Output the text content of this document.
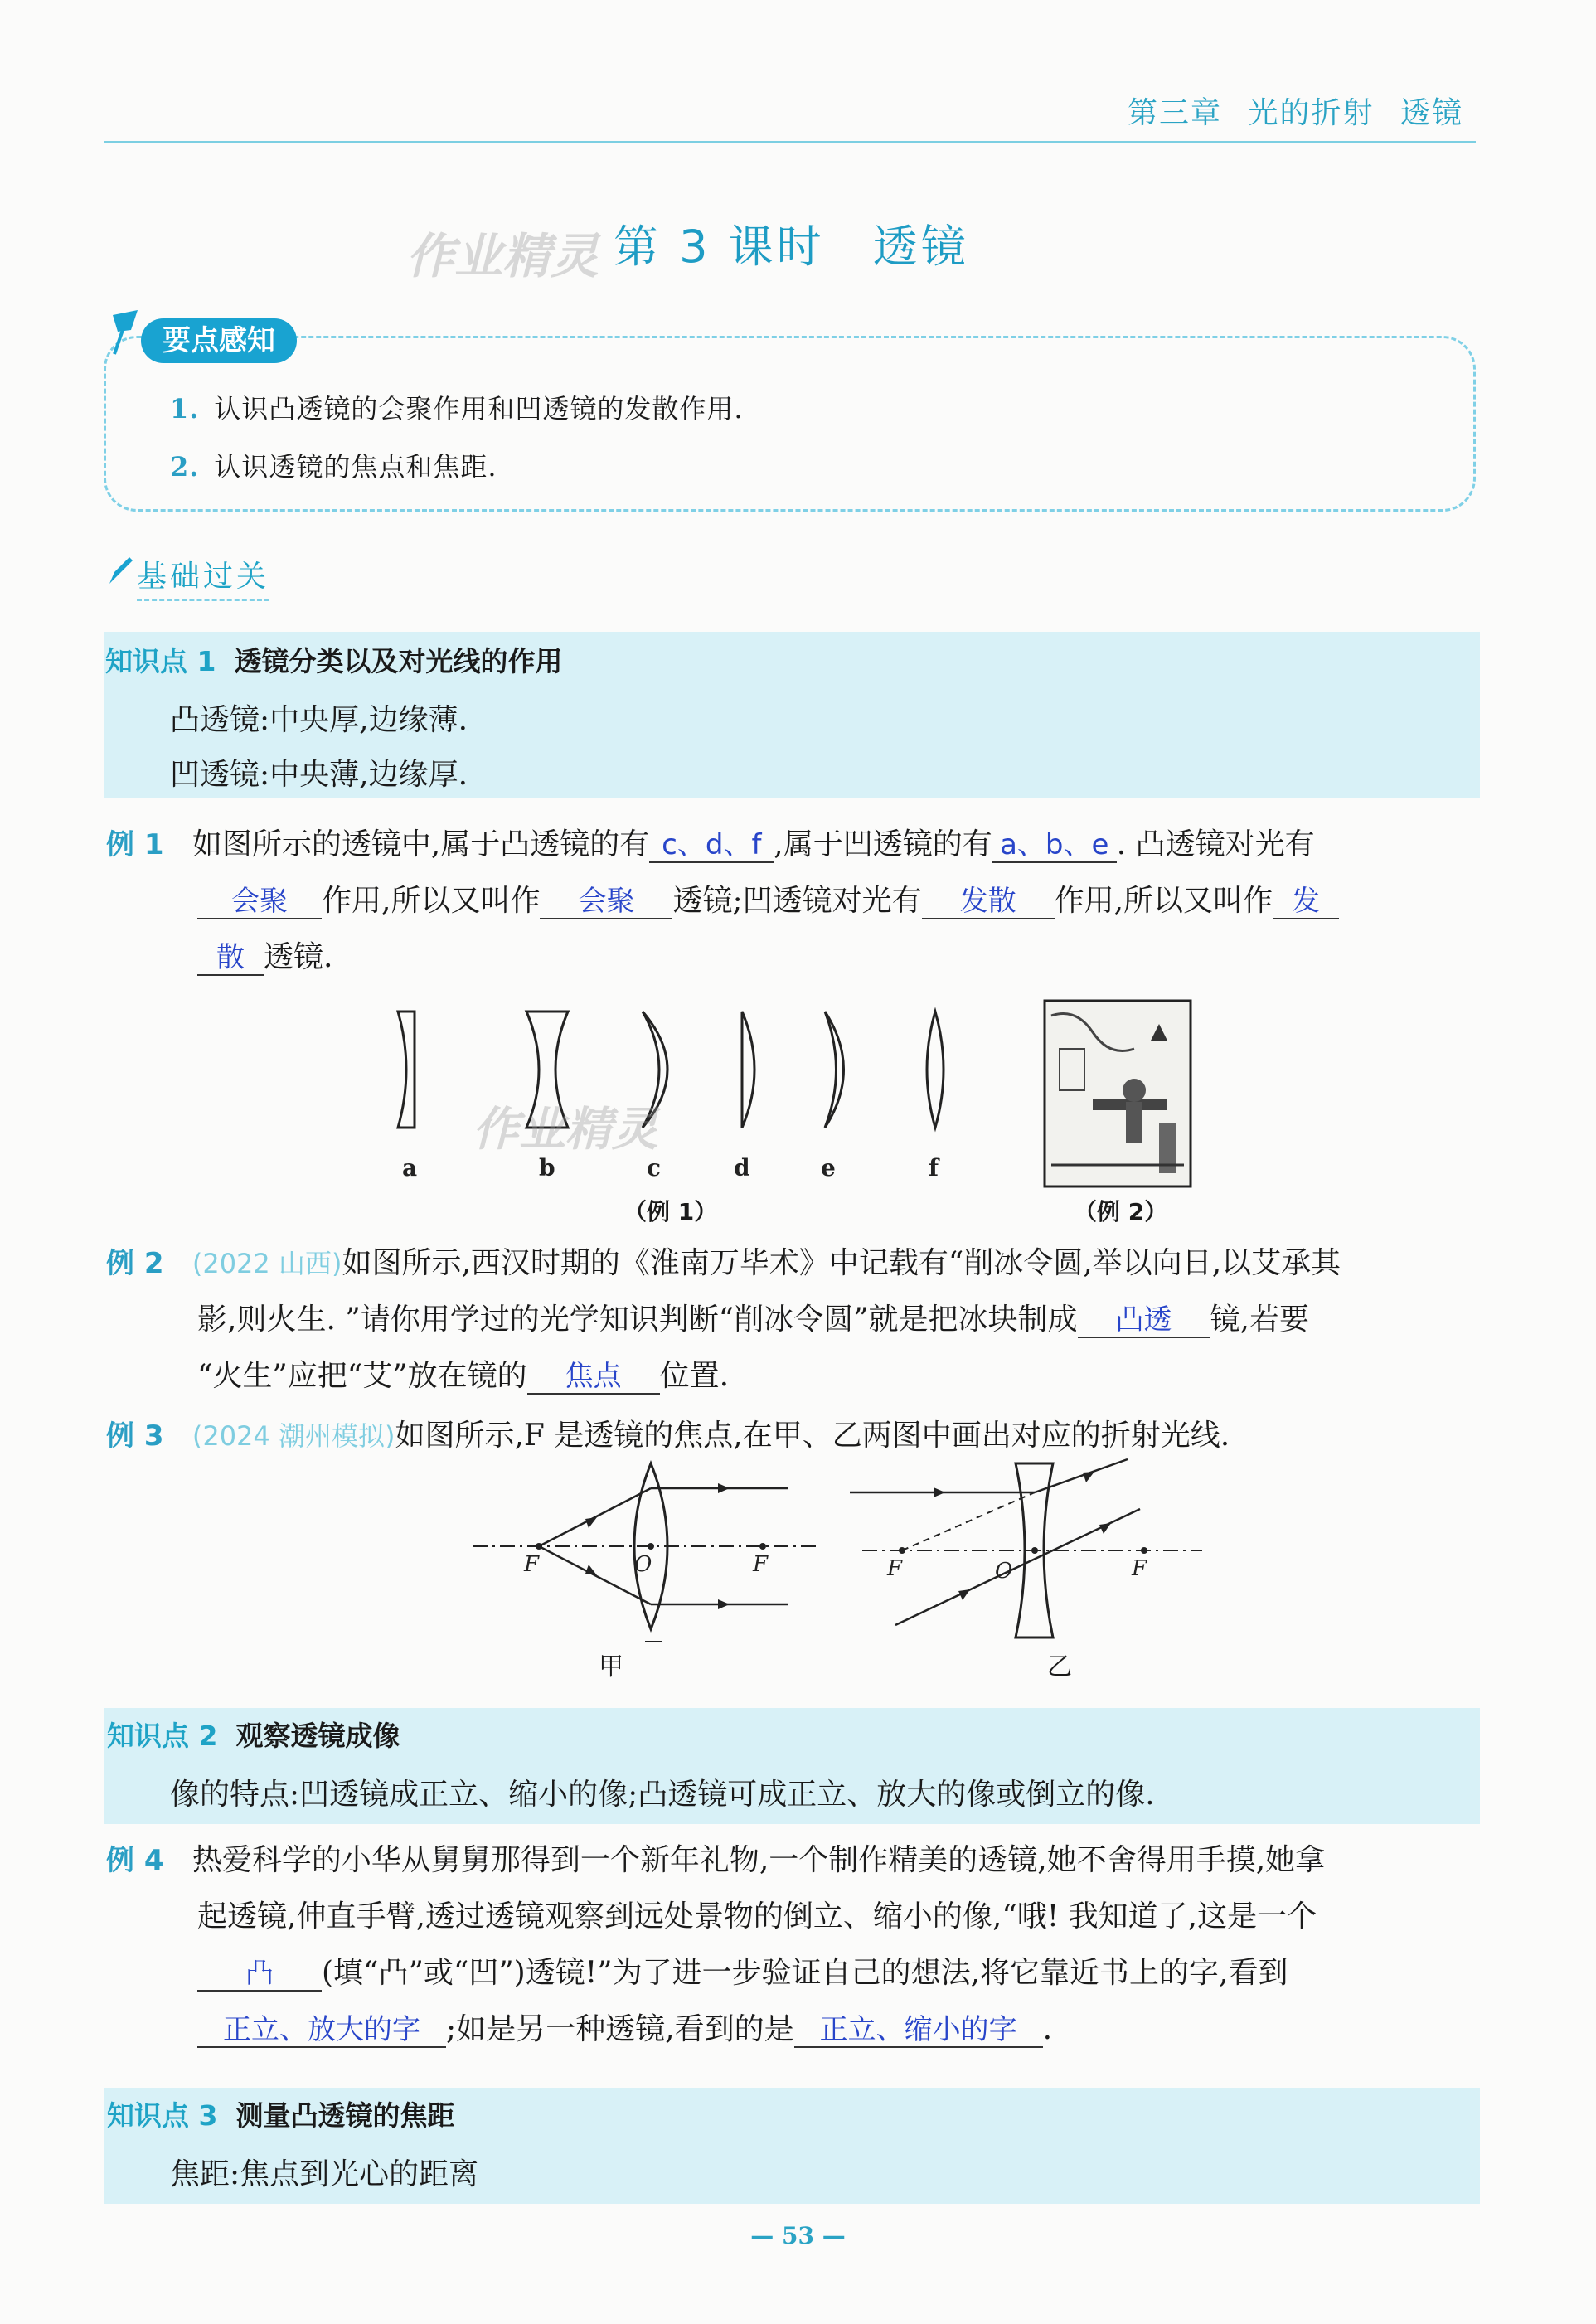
第三章 光的折射 透镜
作业精灵 第 3 课时　透镜
要点感知
1. 认识凸透镜的会聚作用和凹透镜的发散作用.
2. 认识透镜的焦点和焦距.
基础过关
知识点 1 透镜分类以及对光线的作用
凸透镜:中央厚,边缘薄.
凹透镜:中央薄,边缘厚.
例 1 如图所示的透镜中,属于凸透镜的有 c、d、f ,属于凹透镜的有 a、b、e . 凸透镜对光有
会聚 作用,所以又叫作 会聚 透镜;凹透镜对光有 发散 作用,所以又叫作 发
散 透镜.
a	b	c	d	e	f
作业精灵
（例 1）	（例 2）
例 2 (2022 山西)如图所示,西汉时期的《淮南万毕术》中记载有“削冰令圆,举以向日,以艾承其
影,则火生. ”请你用学过的光学知识判断“削冰令圆”就是把冰块制成 凸透 镜,若要
“火生”应把“艾”放在镜的 焦点 位置.
例 3 (2024 潮州模拟)如图所示,F 是透镜的焦点,在甲、乙两图中画出对应的折射光线.
F	O	F
甲
F	O	F
乙
知识点 2 观察透镜成像
像的特点:凹透镜成正立、缩小的像;凸透镜可成正立、放大的像或倒立的像.
例 4 热爱科学的小华从舅舅那得到一个新年礼物,一个制作精美的透镜,她不舍得用手摸,她拿
起透镜,伸直手臂,透过透镜观察到远处景物的倒立、缩小的像,“哦! 我知道了,这是一个
凸 (填“凸”或“凹”)透镜!”为了进一步验证自己的想法,将它靠近书上的字,看到
正立、放大的字 ;如是另一种透镜,看到的是 正立、缩小的字 .
知识点 3 测量凸透镜的焦距
焦距:焦点到光心的距离
— 53 —
